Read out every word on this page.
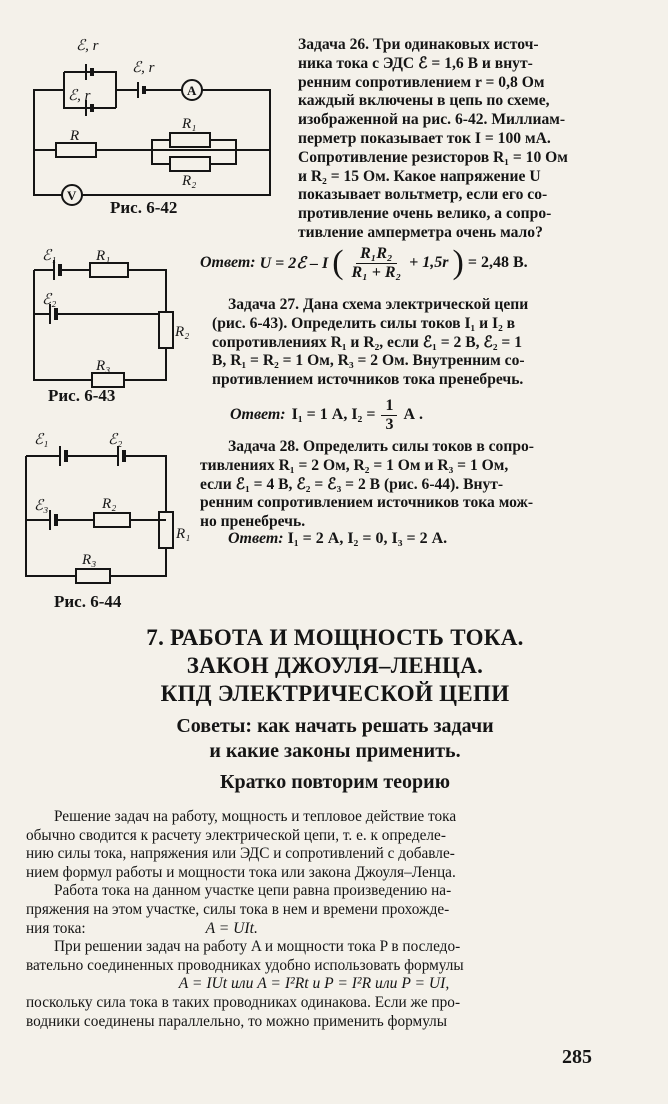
ℰ, r
ℰ, r
ℰ, r
A
R
R₁
R₂
V
Рис. 6-42
Задача 26. Три одинаковых источ-
ника тока с ЭДС ℰ = 1,6 В и внут-
ренним сопротивлением r = 0,8 Ом
каждый включены в цепь по схеме,
изображенной на рис. 6-42. Миллиам-
перметр показывает ток I = 100 мА.
Сопротивление резисторов R₁ = 10 Ом
и R₂ = 15 Ом. Какое напряжение U
показывает вольтметр, если его со-
противление очень велико, а сопро-
тивление амперметра очень мало?
Ответ: U = 2ℰ – I ( $\frac{\text{R₁R₂}}{\text{R₁ + R₂}} + 1,5r$ ) = 2,48 В.
ℰ₁	R₁
ℰ₂
R₂
R₃
Рис. 6-43
Задача 27. Дана схема электрической цепи
(рис. 6-43). Определить силы токов I₁ и I₂ в
сопротивлениях R₁ и R₂, если ℰ₁ = 2 В, ℰ₂ = 1
В, R₁ = R₂ = 1 Ом, R₃ = 2 Ом. Внутренним со-
противлением источников тока пренебречь.
Ответ: I₁ = 1 А, $I_2 = \frac{1}{3}$ А .
ℰ₁	ℰ₂
R₁
ℰ₃	R₂
R₃
Рис. 6-44
Задача 28. Определить силы токов в сопро-
тивлениях R₁ = 2 Ом, R₂ = 1 Ом и R₃ = 1 Ом,
если ℰ₁ = 4 В, ℰ₂ = ℰ₃ = 2 В (рис. 6-44). Внут-
ренним сопротивлением источников тока мож-
но пренебречь.
Ответ: I₁ = 2 А, I₂ = 0, I₃ = 2 А.
7. РАБОТА И МОЩНОСТЬ ТОКА.
ЗАКОН ДЖОУЛЯ–ЛЕНЦА.
КПД ЭЛЕКТРИЧЕСКОЙ ЦЕПИ
Советы: как начать решать задачи
и какие законы применить.
Кратко повторим теорию
Решение задач на работу, мощность и тепловое действие тока
обычно сводится к расчету электрической цепи, т. е. к определе-
нию силы тока, напряжения или ЭДС и сопротивлений с добавле-
нием формул работы и мощности тока или закона Джоуля–Ленца.
Работа тока на данном участке цепи равна произведению на-
пряжения на этом участке, силы тока в нем и времени прохожде-
ния тока:	A = UIt.
При решении задач на работу A и мощности тока P в последо-
вательно соединенных проводниках удобно использовать формулы
A = IUt или A = I²Rt и P = I²R или P = UI,
поскольку сила тока в таких проводниках одинакова. Если же про-
водники соединены параллельно, то можно применить формулы
285
